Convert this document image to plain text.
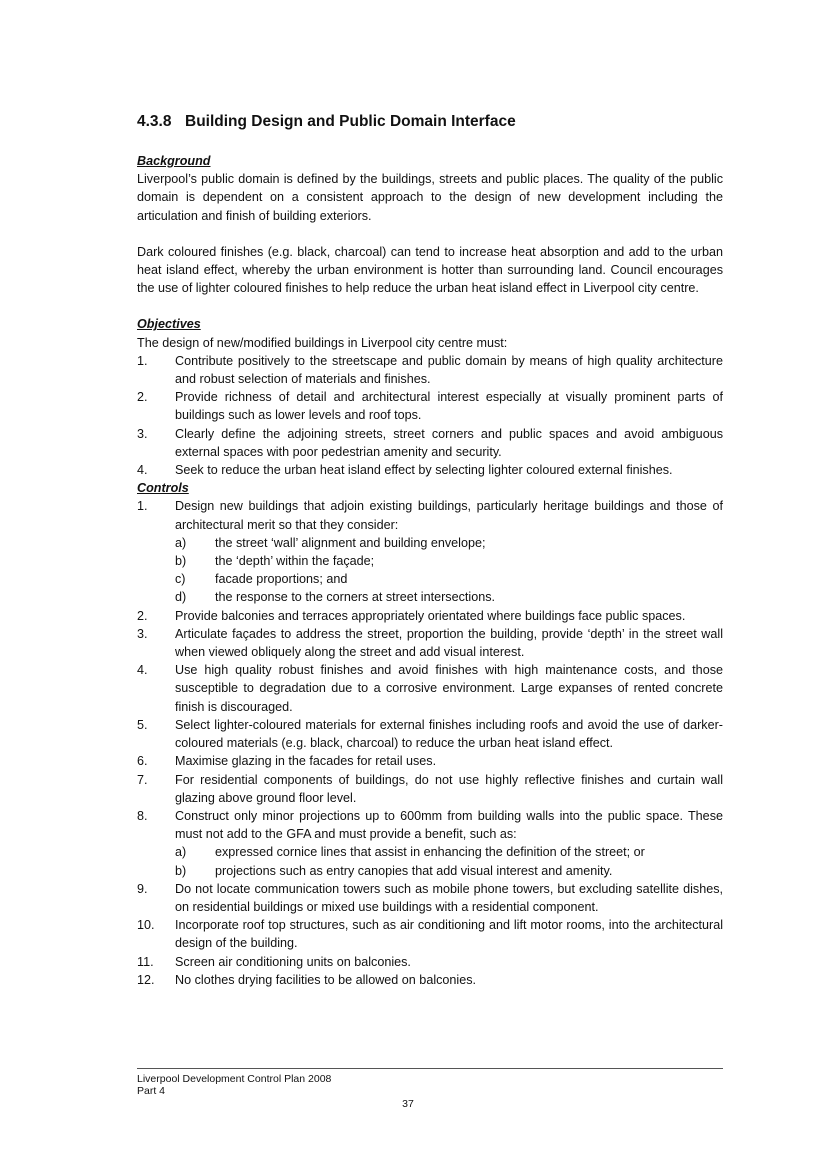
4.3.8 Building Design and Public Domain Interface

Background

Liverpool’s public domain is defined by the buildings, streets and public places. The quality of the public domain is dependent on a consistent approach to the design of new development including the articulation and finish of building exteriors.

Dark coloured finishes (e.g. black, charcoal) can tend to increase heat absorption and add to the urban heat island effect, whereby the urban environment is hotter than surrounding land. Council encourages the use of lighter coloured finishes to help reduce the urban heat island effect in Liverpool city centre.

Objectives

The design of new/modified buildings in Liverpool city centre must:

1. Contribute positively to the streetscape and public domain by means of high quality architecture and robust selection of materials and finishes.
2. Provide richness of detail and architectural interest especially at visually prominent parts of buildings such as lower levels and roof tops.
3. Clearly define the adjoining streets, street corners and public spaces and avoid ambiguous external spaces with poor pedestrian amenity and security.
4. Seek to reduce the urban heat island effect by selecting lighter coloured external finishes.

Controls

1. Design new buildings that adjoin existing buildings, particularly heritage buildings and those of architectural merit so that they consider:
a) the street ‘wall’ alignment and building envelope;
b) the ‘depth’ within the façade;
c) facade proportions; and
d) the response to the corners at street intersections.
2. Provide balconies and terraces appropriately orientated where buildings face public spaces.
3. Articulate façades to address the street, proportion the building, provide ‘depth’ in the street wall when viewed obliquely along the street and add visual interest.
4. Use high quality robust finishes and avoid finishes with high maintenance costs, and those susceptible to degradation due to a corrosive environment. Large expanses of rented concrete finish is discouraged.
5. Select lighter-coloured materials for external finishes including roofs and avoid the use of darker-coloured materials (e.g. black, charcoal) to reduce the urban heat island effect.
6. Maximise glazing in the facades for retail uses.
7. For residential components of buildings, do not use highly reflective finishes and curtain wall glazing above ground floor level.
8. Construct only minor projections up to 600mm from building walls into the public space. These must not add to the GFA and must provide a benefit, such as:
a) expressed cornice lines that assist in enhancing the definition of the street; or
b) projections such as entry canopies that add visual interest and amenity.
9. Do not locate communication towers such as mobile phone towers, but excluding satellite dishes, on residential buildings or mixed use buildings with a residential component.
10. Incorporate roof top structures, such as air conditioning and lift motor rooms, into the architectural design of the building.
11. Screen air conditioning units on balconies.
12. No clothes drying facilities to be allowed on balconies.
Liverpool Development Control Plan 2008
Part 4
37
